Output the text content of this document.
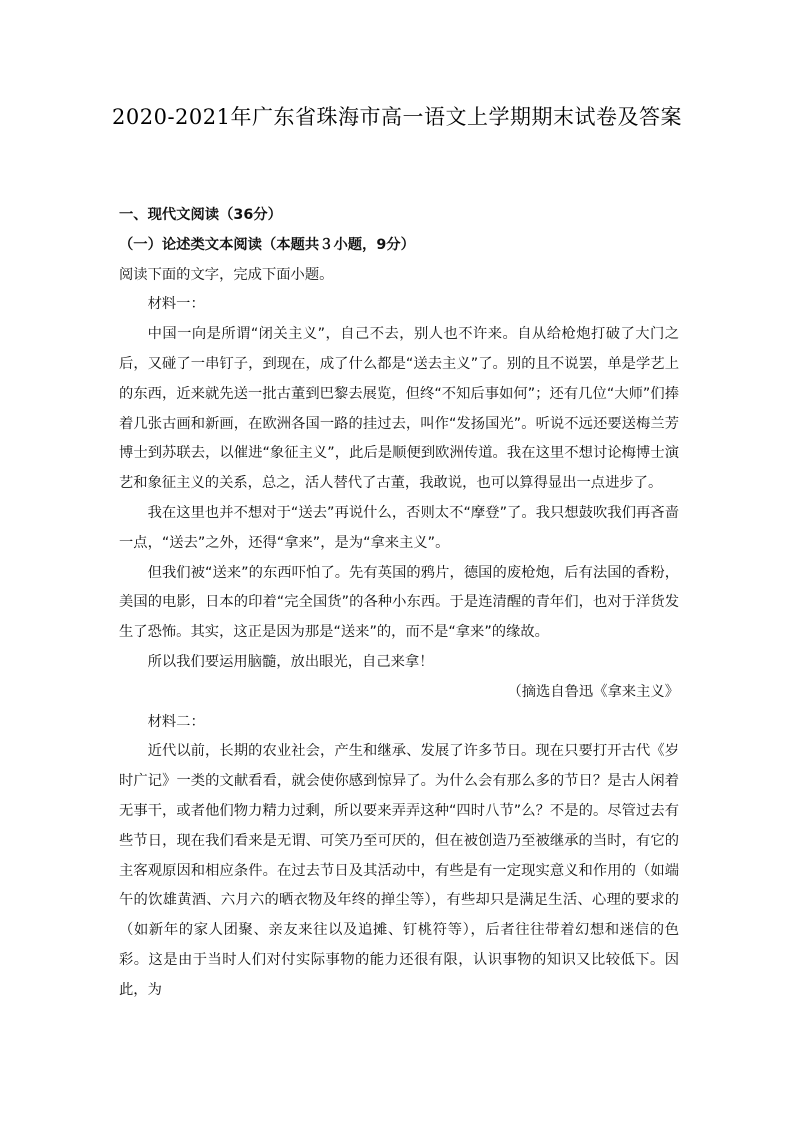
2020-2021年广东省珠海市高一语文上学期期末试卷及答案

一、现代文阅读（36分）

（一）论述类文本阅读（本题共３小题，9分）

阅读下面的文字，完成下面小题。

材料一：

中国一向是所谓“闭关主义”，自己不去，别人也不许来。自从给枪炮打破了大门之后，又碰了一串钉子，到现在，成了什么都是“送去主义”了。别的且不说罢，单是学艺上的东西，近来就先送一批古董到巴黎去展览，但终“不知后事如何”；还有几位“大师”们捧着几张古画和新画，在欧洲各国一路的挂过去，叫作“发扬国光”。听说不远还要送梅兰芳博士到苏联去，以催进“象征主义”，此后是顺便到欧洲传道。我在这里不想讨论梅博士演艺和象征主义的关系，总之，活人替代了古董，我敢说，也可以算得显出一点进步了。

我在这里也并不想对于“送去”再说什么，否则太不“摩登”了。我只想鼓吹我们再吝啬一点，“送去”之外，还得“拿来”，是为“拿来主义”。

但我们被“送来”的东西吓怕了。先有英国的鸦片，德国的废枪炮，后有法国的香粉，美国的电影，日本的印着“完全国货”的各种小东西。于是连清醒的青年们，也对于洋货发生了恐怖。其实，这正是因为那是“送来”的，而不是“拿来”的缘故。

所以我们要运用脑髓，放出眼光，自己来拿！

（摘选自鲁迅《拿来主义》

材料二：

近代以前，长期的农业社会，产生和继承、发展了许多节日。现在只要打开古代《岁时广记》一类的文献看看，就会使你感到惊异了。为什么会有那么多的节日？是古人闲着无事干，或者他们物力精力过剩，所以要来弄弄这种“四时八节”么？不是的。尽管过去有些节日，现在我们看来是无谓、可笑乃至可厌的，但在被创造乃至被继承的当时，有它的主客观原因和相应条件。在过去节日及其活动中，有些是有一定现实意义和作用的（如端午的饮雄黄酒、六月六的晒衣物及年终的掸尘等），有些却只是满足生活、心理的要求的（如新年的家人团聚、亲友来往以及追摊、钉桃符等），后者往往带着幻想和迷信的色彩。这是由于当时人们对付实际事物的能力还很有限，认识事物的知识又比较低下。因此，为
